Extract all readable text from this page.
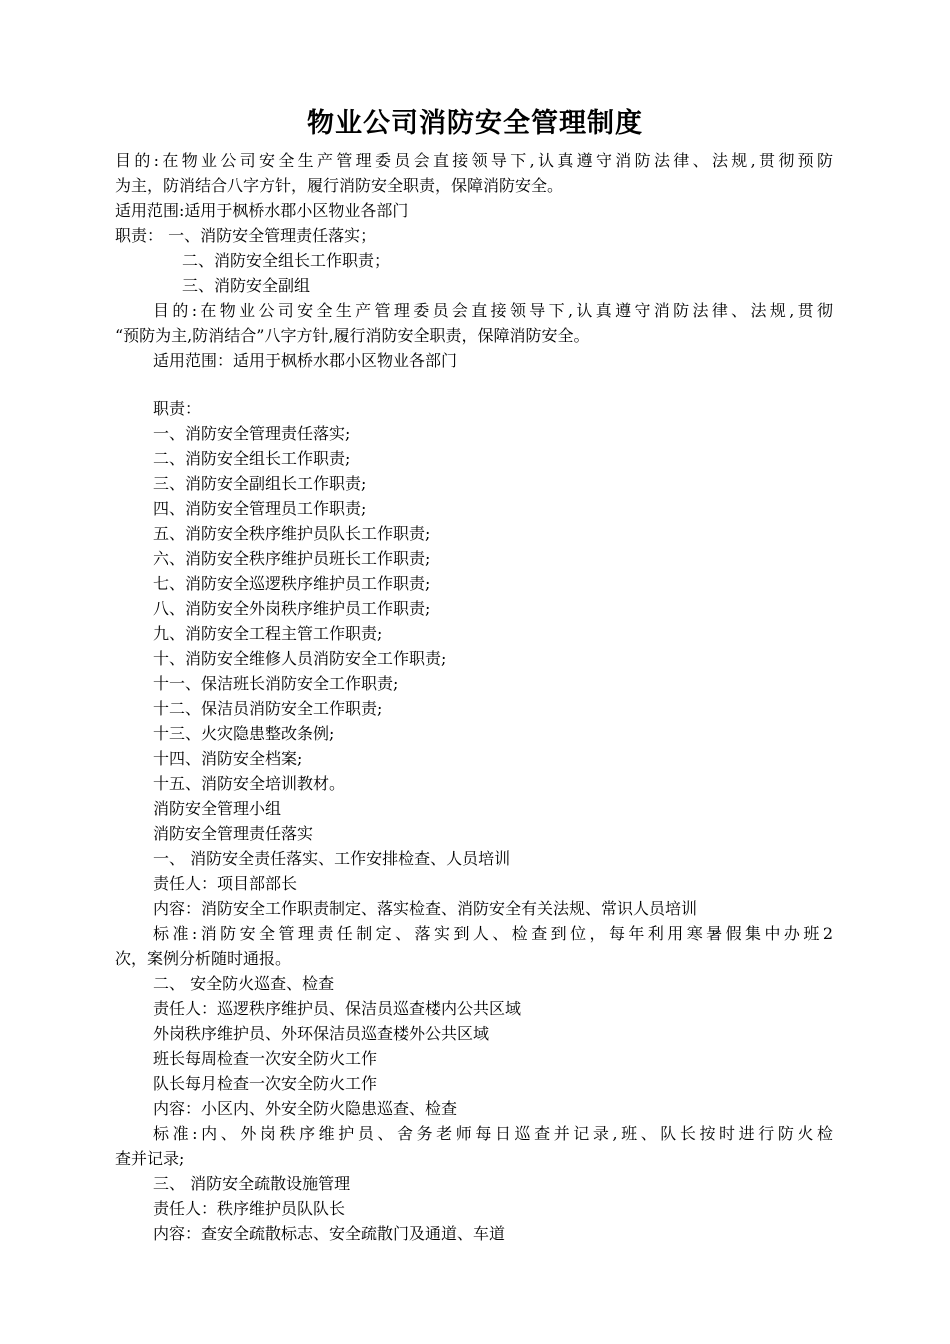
物业公司消防安全管理制度
目的:在物业公司安全生产管理委员会直接领导下,认真遵守消防法律、法规,贯彻预防
为主，防消结合八字方针，履行消防安全职责，保障消防安全。
适用范围:适用于枫桥水郡小区物业各部门
职责： 一、消防安全管理责任落实；
二、消防安全组长工作职责；
三、消防安全副组
目的:在物业公司安全生产管理委员会直接领导下,认真遵守消防法律、法规,贯彻
“预防为主,防消结合”八字方针,履行消防安全职责，保障消防安全。
适用范围：适用于枫桥水郡小区物业各部门
职责：
一、消防安全管理责任落实;
二、消防安全组长工作职责;
三、消防安全副组长工作职责;
四、消防安全管理员工作职责;
五、消防安全秩序维护员队长工作职责;
六、消防安全秩序维护员班长工作职责;
七、消防安全巡逻秩序维护员工作职责;
八、消防安全外岗秩序维护员工作职责;
九、消防安全工程主管工作职责;
十、消防安全维修人员消防安全工作职责;
十一、保洁班长消防安全工作职责;
十二、保洁员消防安全工作职责;
十三、火灾隐患整改条例;
十四、消防安全档案;
十五、消防安全培训教材。
消防安全管理小组
消防安全管理责任落实
一、 消防安全责任落实、工作安排检查、人员培训
责任人：项目部部长
内容：消防安全工作职责制定、落实检查、消防安全有关法规、常识人员培训
标准:消防安全管理责任制定、落实到人、检查到位，每年利用寒暑假集中办班2
次，案例分析随时通报。
二、 安全防火巡查、检查
责任人：巡逻秩序维护员、保洁员巡查楼内公共区域
外岗秩序维护员、外环保洁员巡查楼外公共区域
班长每周检查一次安全防火工作
队长每月检查一次安全防火工作
内容：小区内、外安全防火隐患巡查、检查
标准:内、外岗秩序维护员、舍务老师每日巡查并记录,班、队长按时进行防火检
查并记录;
三、 消防安全疏散设施管理
责任人：秩序维护员队队长
内容：查安全疏散标志、安全疏散门及通道、车道
